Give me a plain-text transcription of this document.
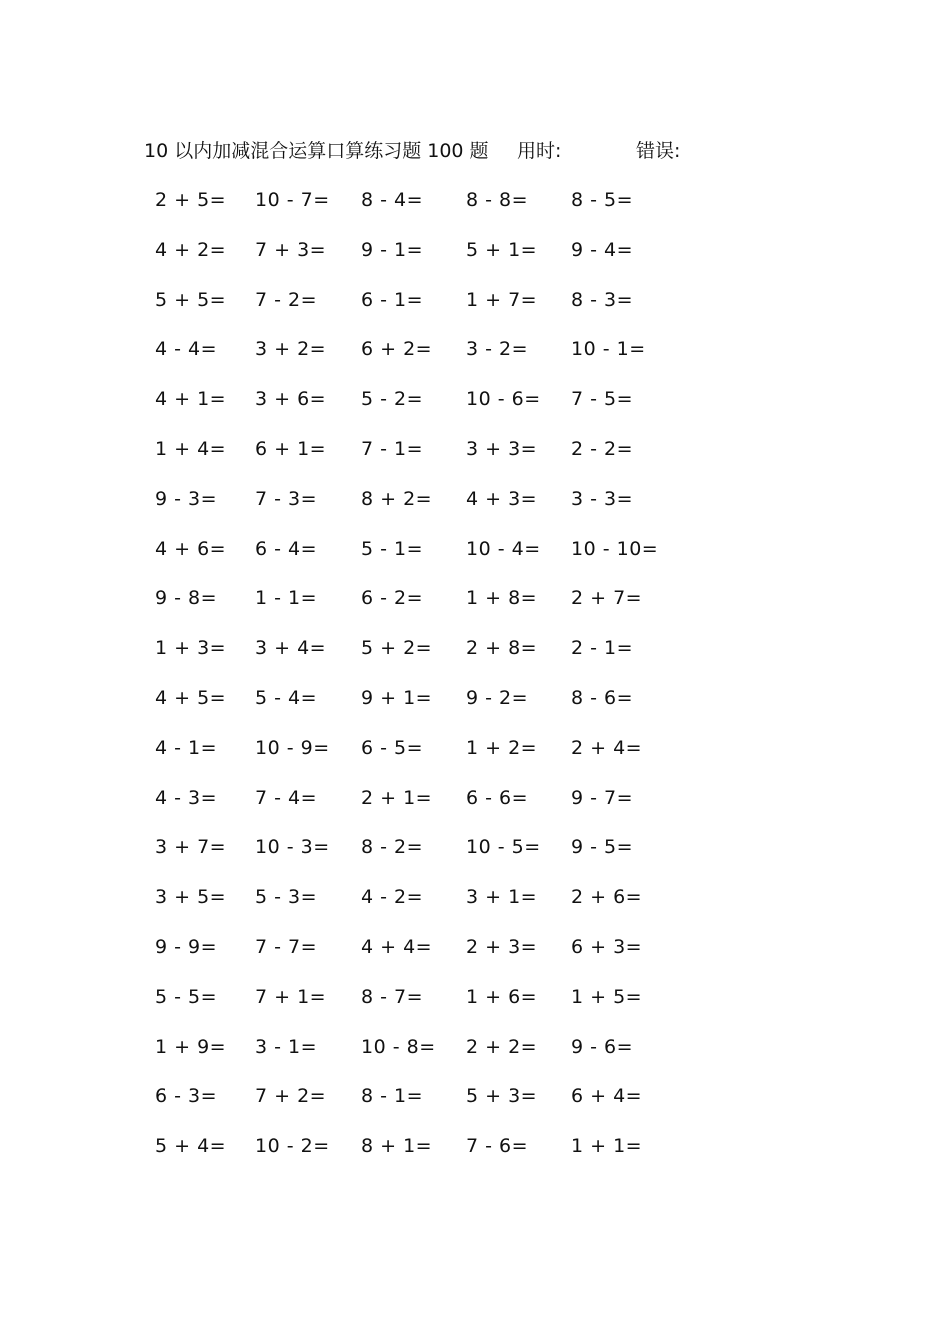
10 以内加减混合运算口算练习题 100 题 用时:	错误:
2 + 5= 10 - 7= 8 - 4= 8 - 8= 8 - 5=
4 + 2= 7 + 3= 9 - 1= 5 + 1= 9 - 4=
5 + 5= 7 - 2= 6 - 1= 1 + 7= 8 - 3=
4 - 4= 3 + 2= 6 + 2= 3 - 2= 10 - 1=
4 + 1= 3 + 6= 5 - 2= 10 - 6= 7 - 5=
1 + 4= 6 + 1= 7 - 1= 3 + 3= 2 - 2=
9 - 3= 7 - 3= 8 + 2= 4 + 3= 3 - 3=
4 + 6= 6 - 4= 5 - 1= 10 - 4= 10 - 10=
9 - 8= 1 - 1= 6 - 2= 1 + 8= 2 + 7=
1 + 3= 3 + 4= 5 + 2= 2 + 8= 2 - 1=
4 + 5= 5 - 4= 9 + 1= 9 - 2= 8 - 6=
4 - 1= 10 - 9= 6 - 5= 1 + 2= 2 + 4=
4 - 3= 7 - 4= 2 + 1= 6 - 6= 9 - 7=
3 + 7= 10 - 3= 8 - 2= 10 - 5= 9 - 5=
3 + 5= 5 - 3= 4 - 2= 3 + 1= 2 + 6=
9 - 9= 7 - 7= 4 + 4= 2 + 3= 6 + 3=
5 - 5= 7 + 1= 8 - 7= 1 + 6= 1 + 5=
1 + 9= 3 - 1= 10 - 8= 2 + 2= 9 - 6=
6 - 3= 7 + 2= 8 - 1= 5 + 3= 6 + 4=
5 + 4= 10 - 2= 8 + 1= 7 - 6= 1 + 1=
